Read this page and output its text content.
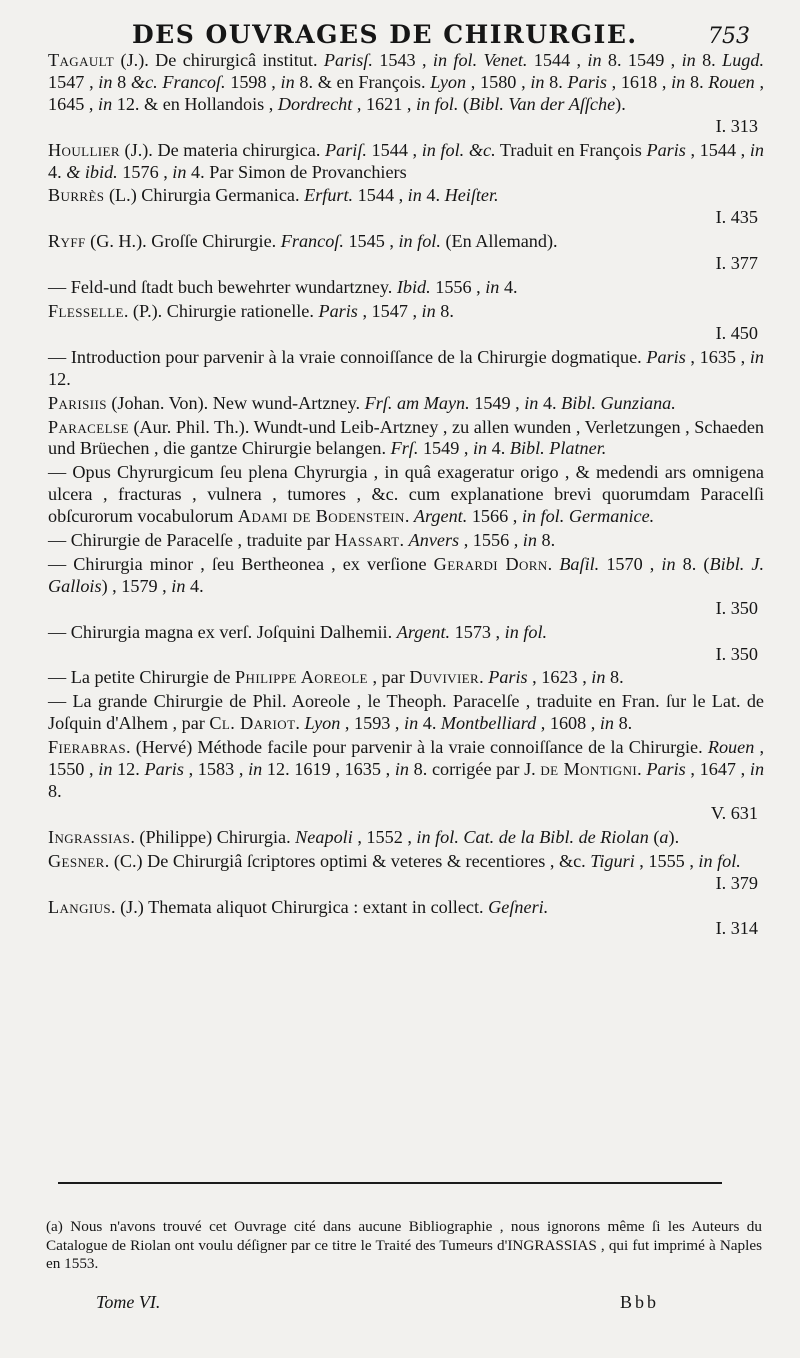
DES OUVRAGES DE CHIRURGIE.	753
Tagault (J.). De chirurgicâ institut. Parisſ. 1543 , in fol. Venet. 1544 , in 8. 1549 , in 8. Lugd. 1547 , in 8 &c. Francoſ. 1598 , in 8. & en François. Lyon , 1580 , in 8. Paris , 1618 , in 8. Rouen , 1645 , in 12. & en Hollandois , Dordrecht , 1621 , in fol. (Bibl. Van der Aſſche).
I. 313
Houllier (J.). De materia chirurgica. Pariſ. 1544 , in fol. &c. Traduit en François Paris , 1544 , in 4. & ibid. 1576 , in 4. Par Simon de Provanchiers
Burrès (L.) Chirurgia Germanica. Erfurt. 1544 , in 4. Heiſter.
I. 435
Ryff (G. H.). Groſſe Chirurgie. Francoſ. 1545 , in fol. (En Allemand).
I. 377
— Feld-und ſtadt buch bewehrter wundartzney. Ibid. 1556 , in 4.
Flesselle. (P.). Chirurgie rationelle. Paris , 1547 , in 8.
I. 450
— Introduction pour parvenir à la vraie connoiſſance de la Chirurgie dogmatique. Paris , 1635 , in 12.
Parisiis (Johan. Von). New wund-Artzney. Frſ. am Mayn. 1549 , in 4. Bibl. Gunziana.
Paracelse (Aur. Phil. Th.). Wundt-und Leib-Artzney , zu allen wunden , Verletzungen , Schaeden und Brüechen , die gantze Chirurgie belangen. Frſ. 1549 , in 4. Bibl. Platner.
— Opus Chyrurgicum ſeu plena Chyrurgia , in quâ exageratur origo , & medendi ars omnigena ulcera , fracturas , vulnera , tumores , &c. cum explanatione brevi quorumdam Paracelſi obſcurorum vocabulorum Adami de Bodenstein. Argent. 1566 , in fol. Germanice.
— Chirurgie de Paracelſe , traduite par Hassart. Anvers , 1556 , in 8.
— Chirurgia minor , ſeu Bertheonea , ex verſione Gerardi Dorn. Baſil. 1570 , in 8. (Bibl. J. Gallois) , 1579 , in 4.
I. 350
— Chirurgia magna ex verſ. Joſquini Dalhemii. Argent. 1573 , in fol.
I. 350
— La petite Chirurgie de Philippe Aoreole , par Duvivier. Paris , 1623 , in 8.
— La grande Chirurgie de Phil. Aoreole , le Theoph. Paracelſe , traduite en Fran. ſur le Lat. de Joſquin d'Alhem , par Cl. Dariot. Lyon , 1593 , in 4. Montbelliard , 1608 , in 8.
Fierabras. (Hervé) Méthode facile pour parvenir à la vraie connoiſſance de la Chirurgie. Rouen , 1550 , in 12. Paris , 1583 , in 12. 1619 , 1635 , in 8. corrigée par J. de Montigni. Paris , 1647 , in 8.
V. 631
Ingrassias. (Philippe) Chirurgia. Neapoli , 1552 , in fol. Cat. de la Bibl. de Riolan (a).
Gesner. (C.) De Chirurgiâ ſcriptores optimi & veteres & recentiores , &c. Tiguri , 1555 , in fol.
I. 379
Langius. (J.) Themata aliquot Chirurgica : extant in collect. Geſneri.
I. 314
(a) Nous n'avons trouvé cet Ouvrage cité dans aucune Bibliographie , nous ignorons même ſi les Auteurs du Catalogue de Riolan ont voulu déſigner par ce titre le Traité des Tumeurs d'INGRASSIAS , qui fut imprimé à Naples en 1553.
Tome VI.	Bbb
